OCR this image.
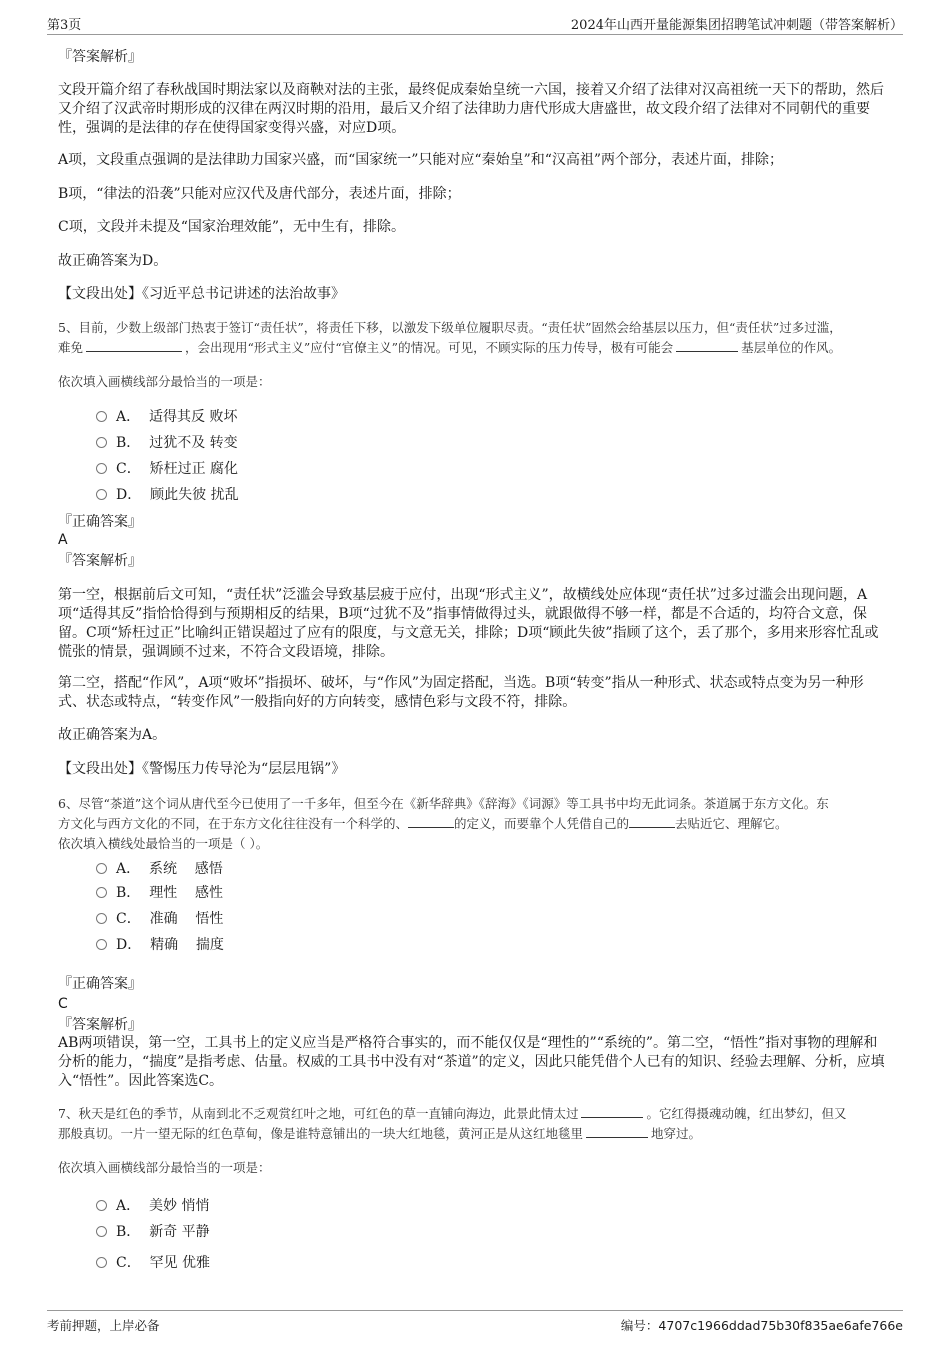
第3页	2024年山西开量能源集团招聘笔试冲刺题（带答案解析）
『答案解析』
文段开篇介绍了春秋战国时期法家以及商鞅对法的主张，最终促成秦始皇统一六国，接着又介绍了法律对汉高祖统一天下的帮助，然后又介绍了汉武帝时期形成的汉律在两汉时期的沿用，最后又介绍了法律助力唐代形成大唐盛世，故文段介绍了法律对不同朝代的重要性，强调的是法律的存在使得国家变得兴盛，对应D项。
A项，文段重点强调的是法律助力国家兴盛，而“国家统一”只能对应“秦始皇”和“汉高祖”两个部分，表述片面，排除；
B项，“律法的沿袭”只能对应汉代及唐代部分，表述片面，排除；
C项，文段并未提及“国家治理效能”，无中生有，排除。
故正确答案为D。
【文段出处】《习近平总书记讲述的法治故事》
5、目前，少数上级部门热衷于签订“责任状”，将责任下移，以激发下级单位履职尽责。“责任状”固然会给基层以压力，但“责任状”过多过滥，
难免	，会出现用“形式主义”应付“官僚主义”的情况。可见，不顾实际的压力传导，极有可能会	基层单位的作风。
依次填入画横线部分最恰当的一项是：
A．  适得其反 败坏
B．  过犹不及 转变
C．  矫枉过正 腐化
D．  顾此失彼 扰乱
『正确答案』
A
『答案解析』
第一空，根据前后文可知，“责任状”泛滥会导致基层疲于应付，出现“形式主义”，故横线处应体现“责任状”过多过滥会出现问题，A项“适得其反”指恰恰得到与预期相反的结果，B项“过犹不及”指事情做得过头，就跟做得不够一样，都是不合适的，均符合文意，保留。C项“矫枉过正”比喻纠正错误超过了应有的限度，与文意无关，排除；D项“顾此失彼”指顾了这个，丢了那个，多用来形容忙乱或慌张的情景，强调顾不过来，不符合文段语境，排除。
第二空，搭配“作风”，A项“败坏”指损坏、破坏，与“作风”为固定搭配，当选。B项“转变”指从一种形式、状态或特点变为另一种形式、状态或特点，“转变作风”一般指向好的方向转变，感情色彩与文段不符，排除。
故正确答案为A。
【文段出处】《警惕压力传导沦为“层层甩锅”》
6、尽管“茶道”这个词从唐代至今已使用了一千多年，但至今在《新华辞典》《辞海》《词源》等工具书中均无此词条。茶道属于东方文化。东
方文化与西方文化的不同，在于东方文化往往没有一个科学的、	的定义，而要靠个人凭借自己的	去贴近它、理解它。
依次填入横线处最恰当的一项是（ ）。
A．  系统    感悟
B．  理性    感性
C．  准确    悟性
D．  精确    揣度
『正确答案』
C
『答案解析』
AB两项错误，第一空，工具书上的定义应当是严格符合事实的，而不能仅仅是“理性的”“系统的”。第二空，“悟性”指对事物的理解和分析的能力，“揣度”是指考虑、估量。权威的工具书中没有对“茶道”的定义，因此只能凭借个人已有的知识、经验去理解、分析，应填入“悟性”。因此答案选C。
7、秋天是红色的季节，从南到北不乏观赏红叶之地，可红色的草一直铺向海边，此景此情太过	。它红得摄魂动魄，红出梦幻，但又
那般真切。一片一望无际的红色草甸，像是谁特意铺出的一块大红地毯，黄河正是从这红地毯里	地穿过。
依次填入画横线部分最恰当的一项是：
A．  美妙 悄悄
B．  新奇 平静
C．  罕见 优雅
考前押题，上岸必备	编号：4707c1966ddad75b30f835ae6afe766e
